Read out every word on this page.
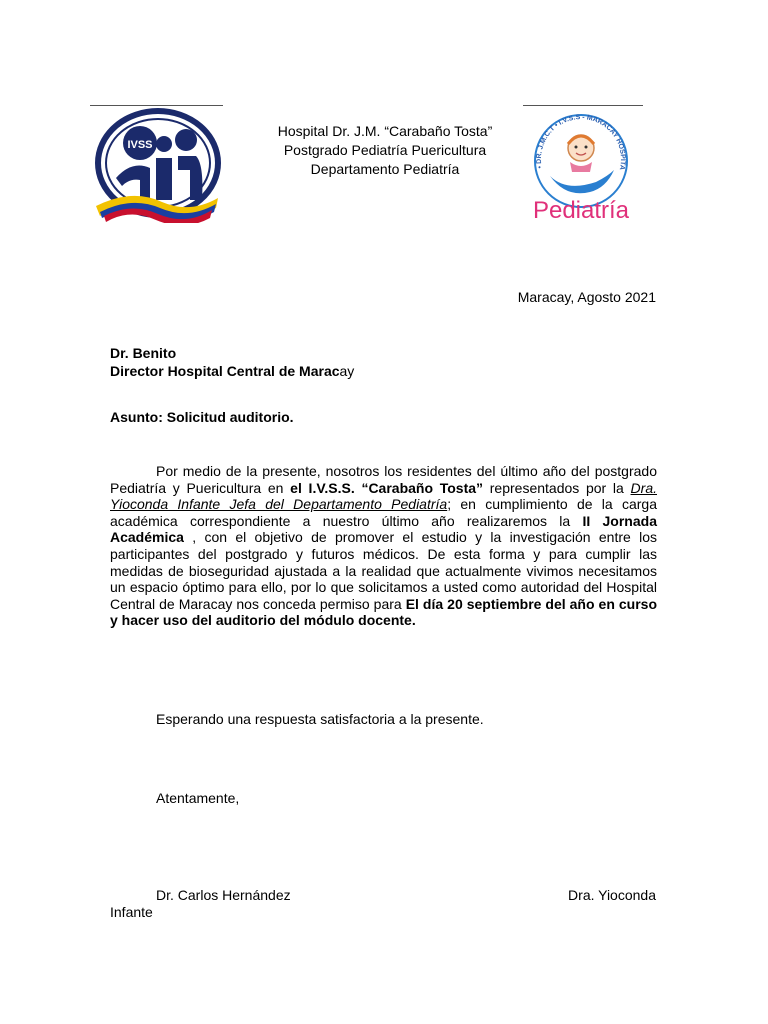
IVSS
Hospital Dr. J.M. “Carabaño Tosta”
Postgrado Pediatría Puericultura
Departamento Pediatría	• DR. J.M.C.T • I.V.S.S - MARACAY HOSPITA
Pediatría
Maracay, Agosto 2021
Dr. Benito
Director Hospital Central de Maracay
Asunto: Solicitud auditorio.
Por medio de la presente, nosotros los residentes del último año del postgrado Pediatría y Puericultura en el I.V.S.S. “Carabaño Tosta” representados por la Dra. Yioconda Infante Jefa del Departamento Pediatría; en cumplimiento de la carga académica correspondiente a nuestro último año realizaremos la II Jornada Académica , con el objetivo de promover el estudio y la investigación entre los participantes del postgrado y futuros médicos. De esta forma y para cumplir las medidas de bioseguridad ajustada a la realidad que actualmente vivimos necesitamos un espacio óptimo para ello, por lo que solicitamos a usted como autoridad del Hospital Central de Maracay nos conceda permiso para El día 20 septiembre del año en curso y hacer uso del auditorio del módulo docente.
Esperando una respuesta satisfactoria a la presente.
Atentamente,
Dr. Carlos Hernández	Dra. Yioconda
Infante
